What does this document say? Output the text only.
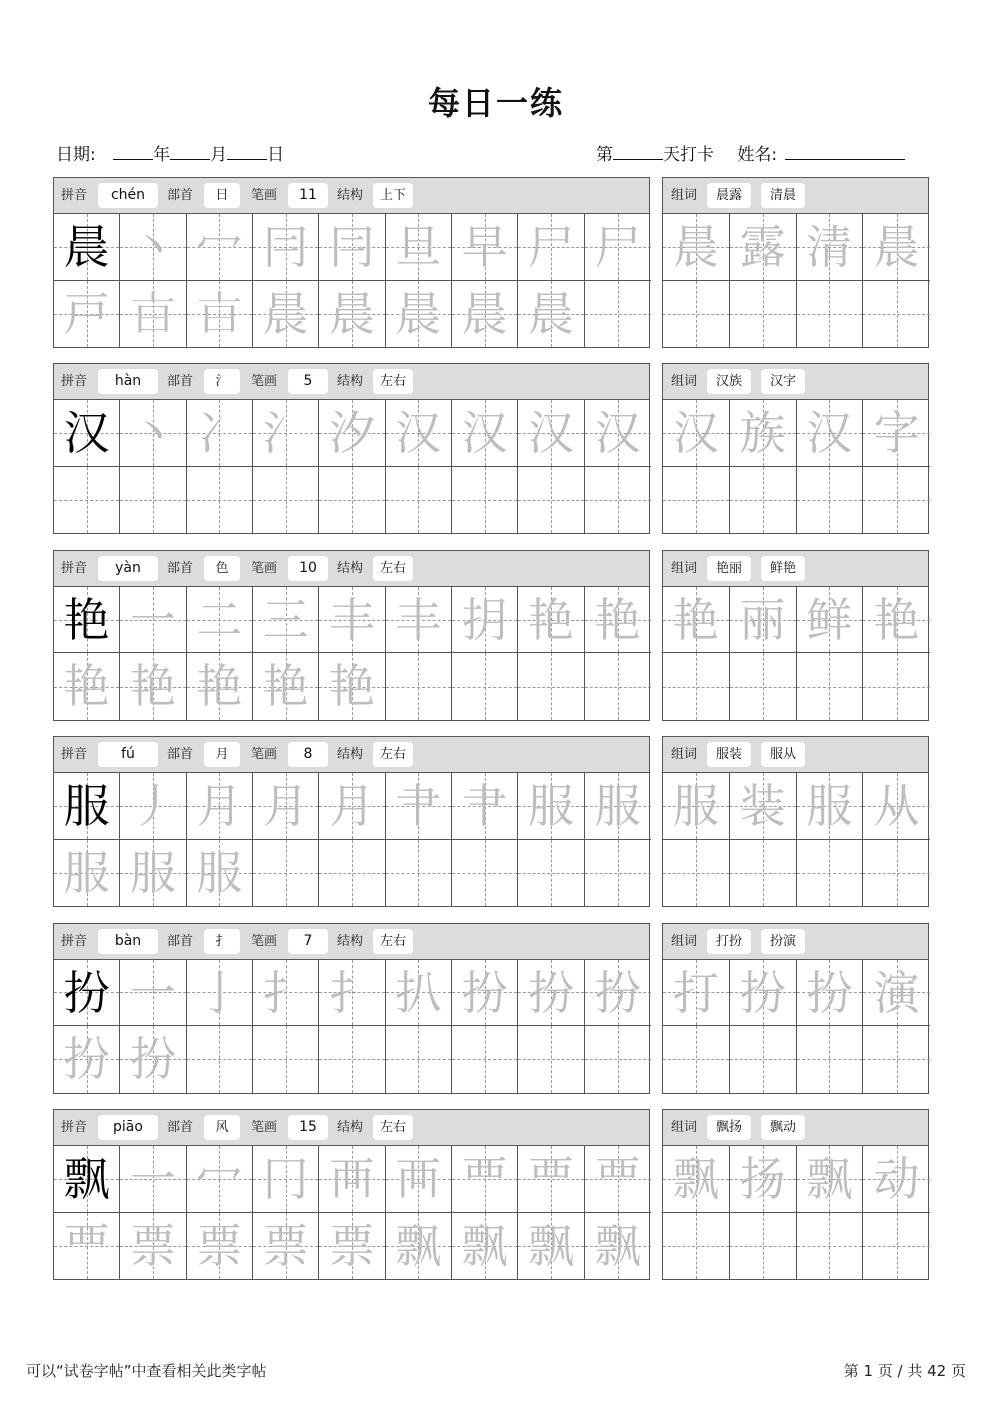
每日一练
日期:	年 月 日	第	天打卡 姓名:
拼音	chén	部首	日	笔画	11	结构	上下
晨 丶 冖 冃 冃 旦 早 尸 尸
戸 𣅀 𣅀 晨 晨 晨 晨 晨
组词	晨露	清晨
晨 露 清 晨
拼音	hàn	部首	氵	笔画	5	结构	左右
汉 丶 冫 氵 汐 汉 汉 汉 汉
组词	汉族	汉字
汉 族 汉 字
拼音	yàn	部首	色	笔画	10	结构	左右
艳 一 二 三 丰 丰 抈 艳 艳
艳 艳 艳 艳 艳
组词	艳丽	鲜艳
艳 丽 鲜 艳
拼音	fú	部首	月	笔画	8	结构	左右
服 丿 月 月 月 肀 肀 服 服
服 服 服
组词	服装	服从
服 装 服 从
拼音	bàn	部首	扌	笔画	7	结构	左右
扮 一 亅 扌 扌 扒 扮 扮 扮
扮 扮
组词	打扮	扮演
打 扮 扮 演
拼音	piāo	部首	风	笔画	15	结构	左右
飘 一 冖 冂 襾 襾 覀 覀 覀
覀 票 票 票 票 飘 飘 飘 飘
组词	飘扬	飘动
飘 扬 飘 动
可以“试卷字帖”中查看相关此类字帖	第 1 页 / 共 42 页
